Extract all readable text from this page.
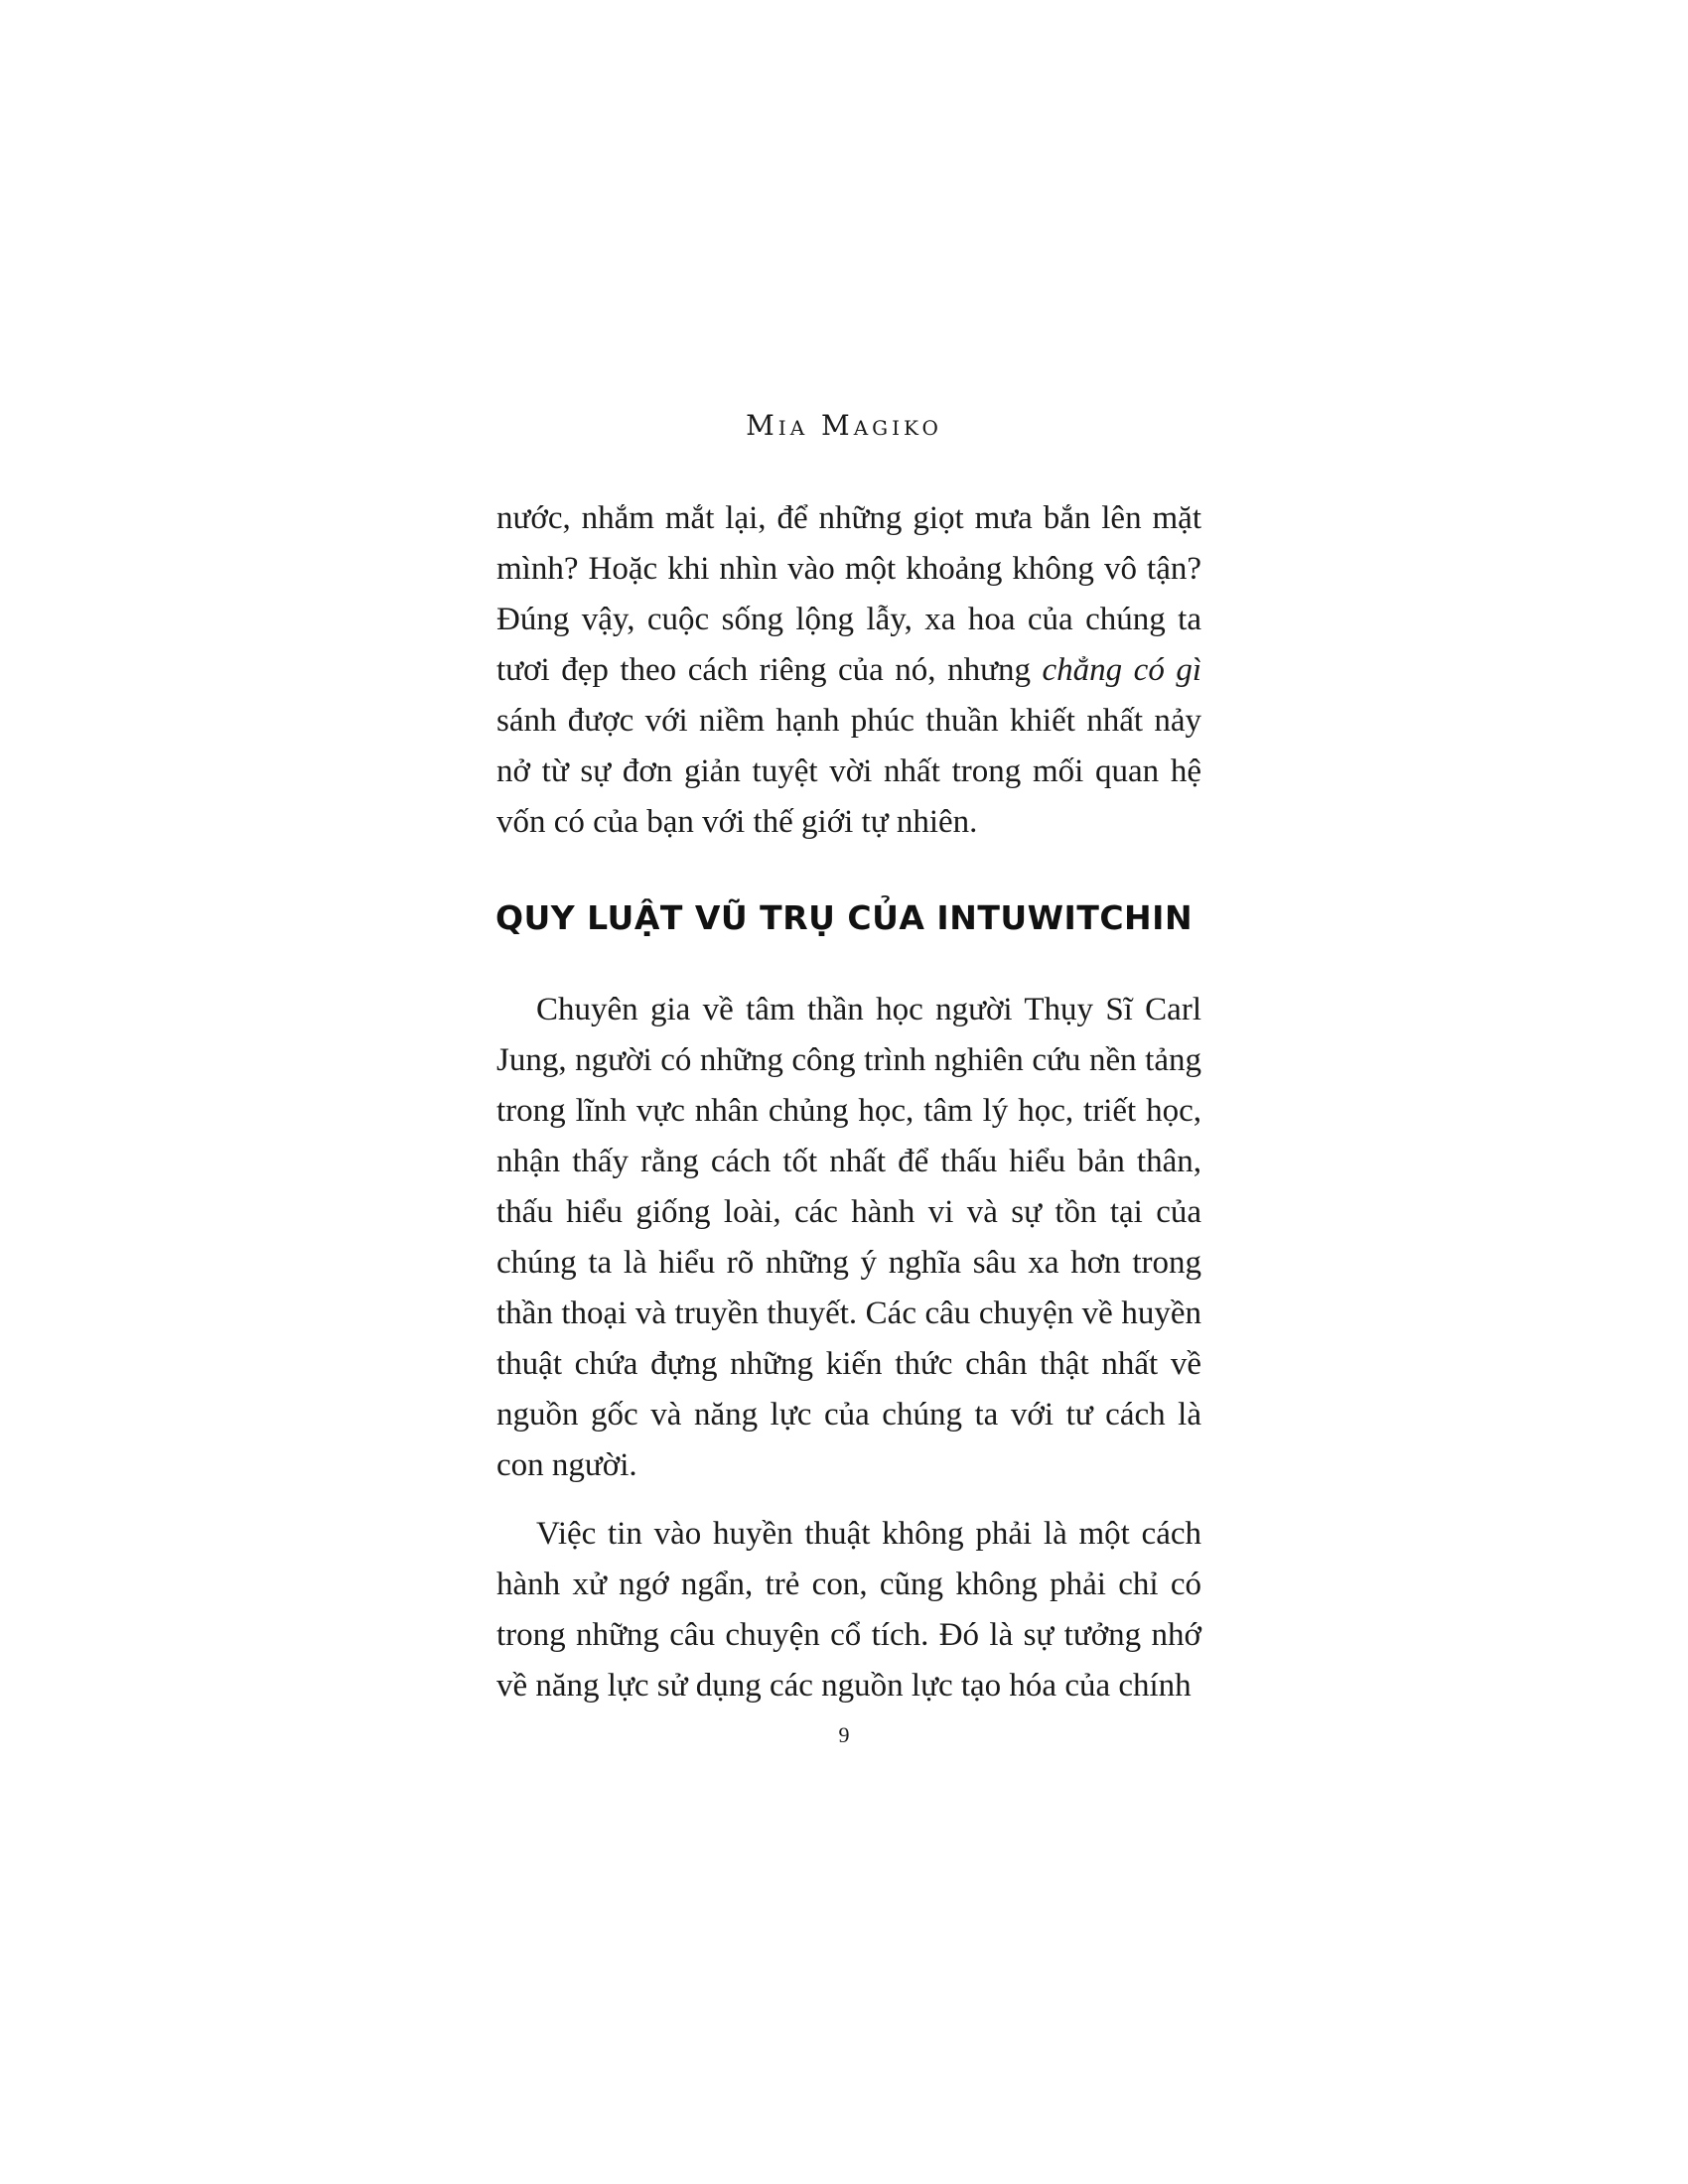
Mia Magiko

nước, nhắm mắt lại, để những giọt mưa bắn lên mặt mình? Hoặc khi nhìn vào một khoảng không vô tận? Đúng vậy, cuộc sống lộng lẫy, xa hoa của chúng ta tươi đẹp theo cách riêng của nó, nhưng chẳng có gì sánh được với niềm hạnh phúc thuần khiết nhất nảy nở từ sự đơn giản tuyệt vời nhất trong mối quan hệ vốn có của bạn với thế giới tự nhiên.

QUY LUẬT VŨ TRỤ CỦA INTUWITCHIN

Chuyên gia về tâm thần học người Thụy Sĩ Carl Jung, người có những công trình nghiên cứu nền tảng trong lĩnh vực nhân chủng học, tâm lý học, triết học, nhận thấy rằng cách tốt nhất để thấu hiểu bản thân, thấu hiểu giống loài, các hành vi và sự tồn tại của chúng ta là hiểu rõ những ý nghĩa sâu xa hơn trong thần thoại và truyền thuyết. Các câu chuyện về huyền thuật chứa đựng những kiến thức chân thật nhất về nguồn gốc và năng lực của chúng ta với tư cách là con người.

Việc tin vào huyền thuật không phải là một cách hành xử ngớ ngẩn, trẻ con, cũng không phải chỉ có trong những câu chuyện cổ tích. Đó là sự tưởng nhớ về năng lực sử dụng các nguồn lực tạo hóa của chính

9
